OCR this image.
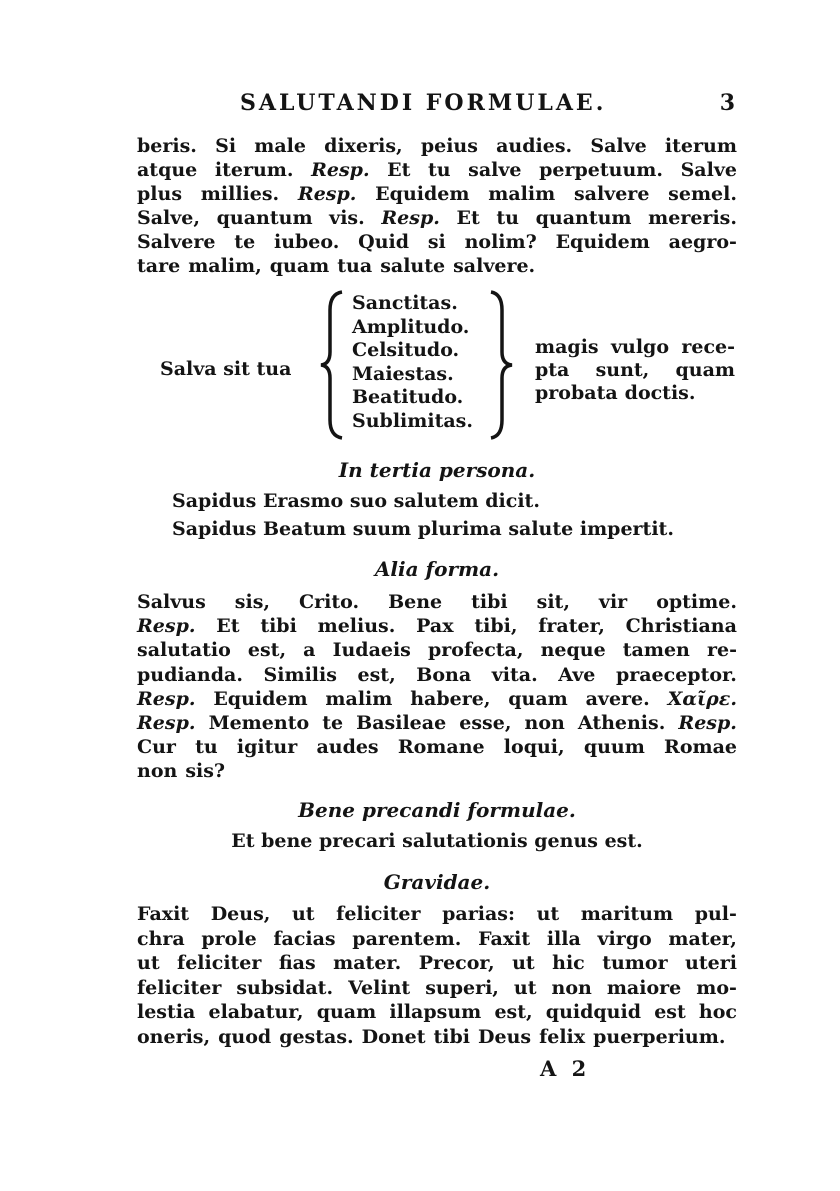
SALUTANDI FORMULAE.	3
beris. Si male dixeris, peius audies. Salve iterum
atque iterum. Resp. Et tu salve perpetuum. Salve
plus millies. Resp. Equidem malim salvere semel.
Salve, quantum vis. Resp. Et tu quantum mereris.
Salvere te iubeo. Quid si nolim? Equidem aegro-
tare malim, quam tua salute salvere.
Salva sit tua
Sanctitas.
Amplitudo.
Celsitudo.
Maiestas.
Beatitudo.
Sublimitas.
magis vulgo rece-
pta sunt, quam
probata doctis.
In tertia persona.
Sapidus Erasmo suo salutem dicit.
Sapidus Beatum suum plurima salute impertit.
Alia forma.
Salvus sis, Crito. Bene tibi sit, vir optime.
Resp. Et tibi melius. Pax tibi, frater, Christiana
salutatio est, a Iudaeis profecta, neque tamen re-
pudianda. Similis est, Bona vita. Ave praeceptor.
Resp. Equidem malim habere, quam avere. Χαῖρε.
Resp. Memento te Basileae esse, non Athenis. Resp.
Cur tu igitur audes Romane loqui, quum Romae
non sis?
Bene precandi formulae.
Et bene precari salutationis genus est.
Gravidae.
Faxit Deus, ut feliciter parias: ut maritum pul-
chra prole facias parentem. Faxit illa virgo mater,
ut feliciter fias mater. Precor, ut hic tumor uteri
feliciter subsidat. Velint superi, ut non maiore mo-
lestia elabatur, quam illapsum est, quidquid est hoc
oneris, quod gestas. Donet tibi Deus felix puerperium.
A 2
